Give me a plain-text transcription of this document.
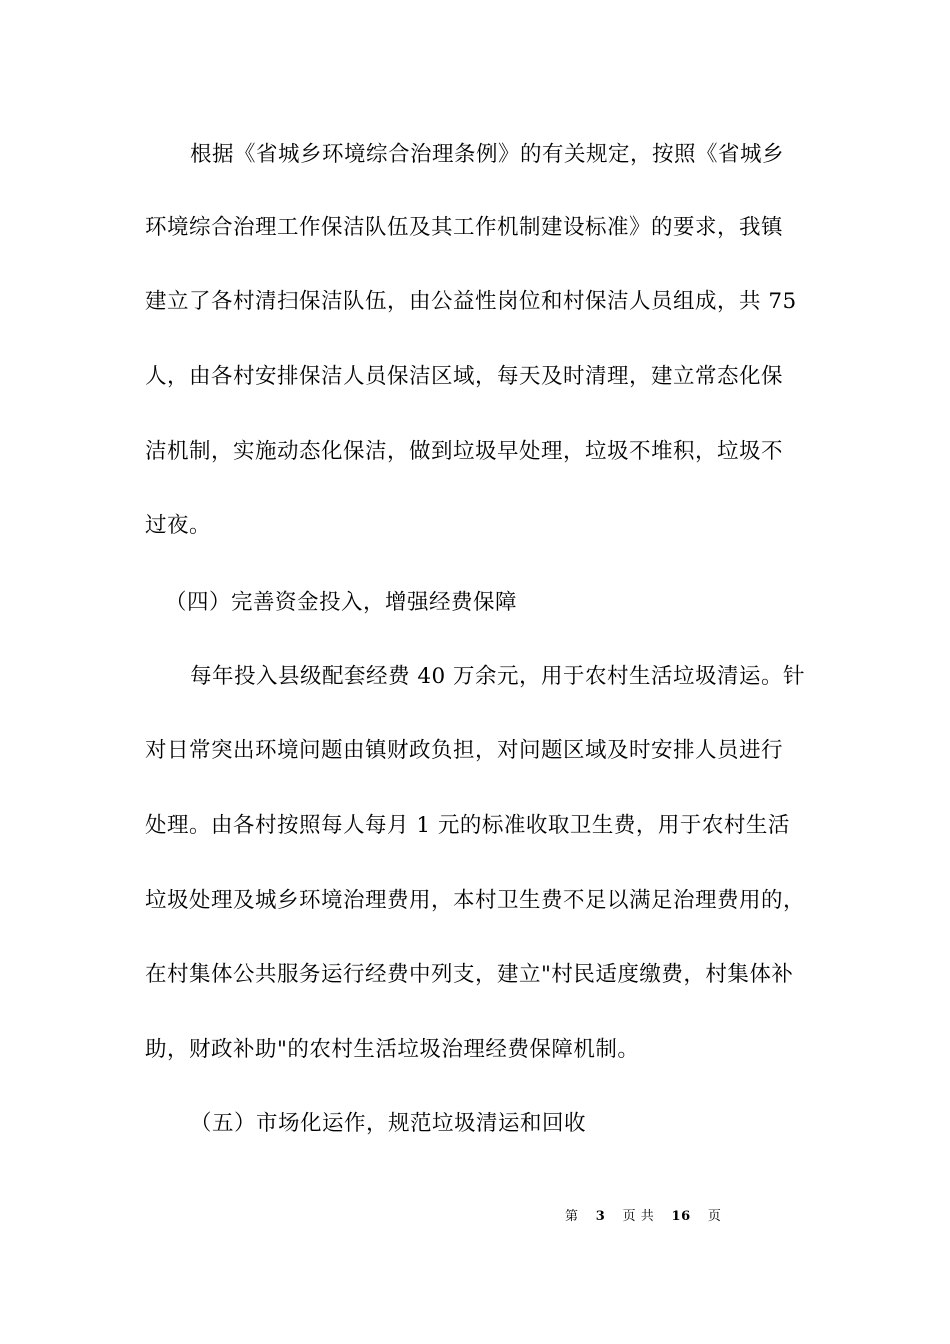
根据《省城乡环境综合治理条例》的有关规定，按照《省城乡
环境综合治理工作保洁队伍及其工作机制建设标准》的要求，我镇
建立了各村清扫保洁队伍，由公益性岗位和村保洁人员组成，共 75
人，由各村安排保洁人员保洁区域，每天及时清理，建立常态化保
洁机制，实施动态化保洁，做到垃圾早处理，垃圾不堆积，垃圾不
过夜。
（四）完善资金投入，增强经费保障
每年投入县级配套经费 40 万余元，用于农村生活垃圾清运。针
对日常突出环境问题由镇财政负担，对问题区域及时安排人员进行
处理。由各村按照每人每月 1 元的标准收取卫生费，用于农村生活
垃圾处理及城乡环境治理费用，本村卫生费不足以满足治理费用的，
在村集体公共服务运行经费中列支，建立"村民适度缴费，村集体补
助，财政补助"的农村生活垃圾治理经费保障机制。
（五）市场化运作，规范垃圾清运和回收
第 3 页 共 16 页
